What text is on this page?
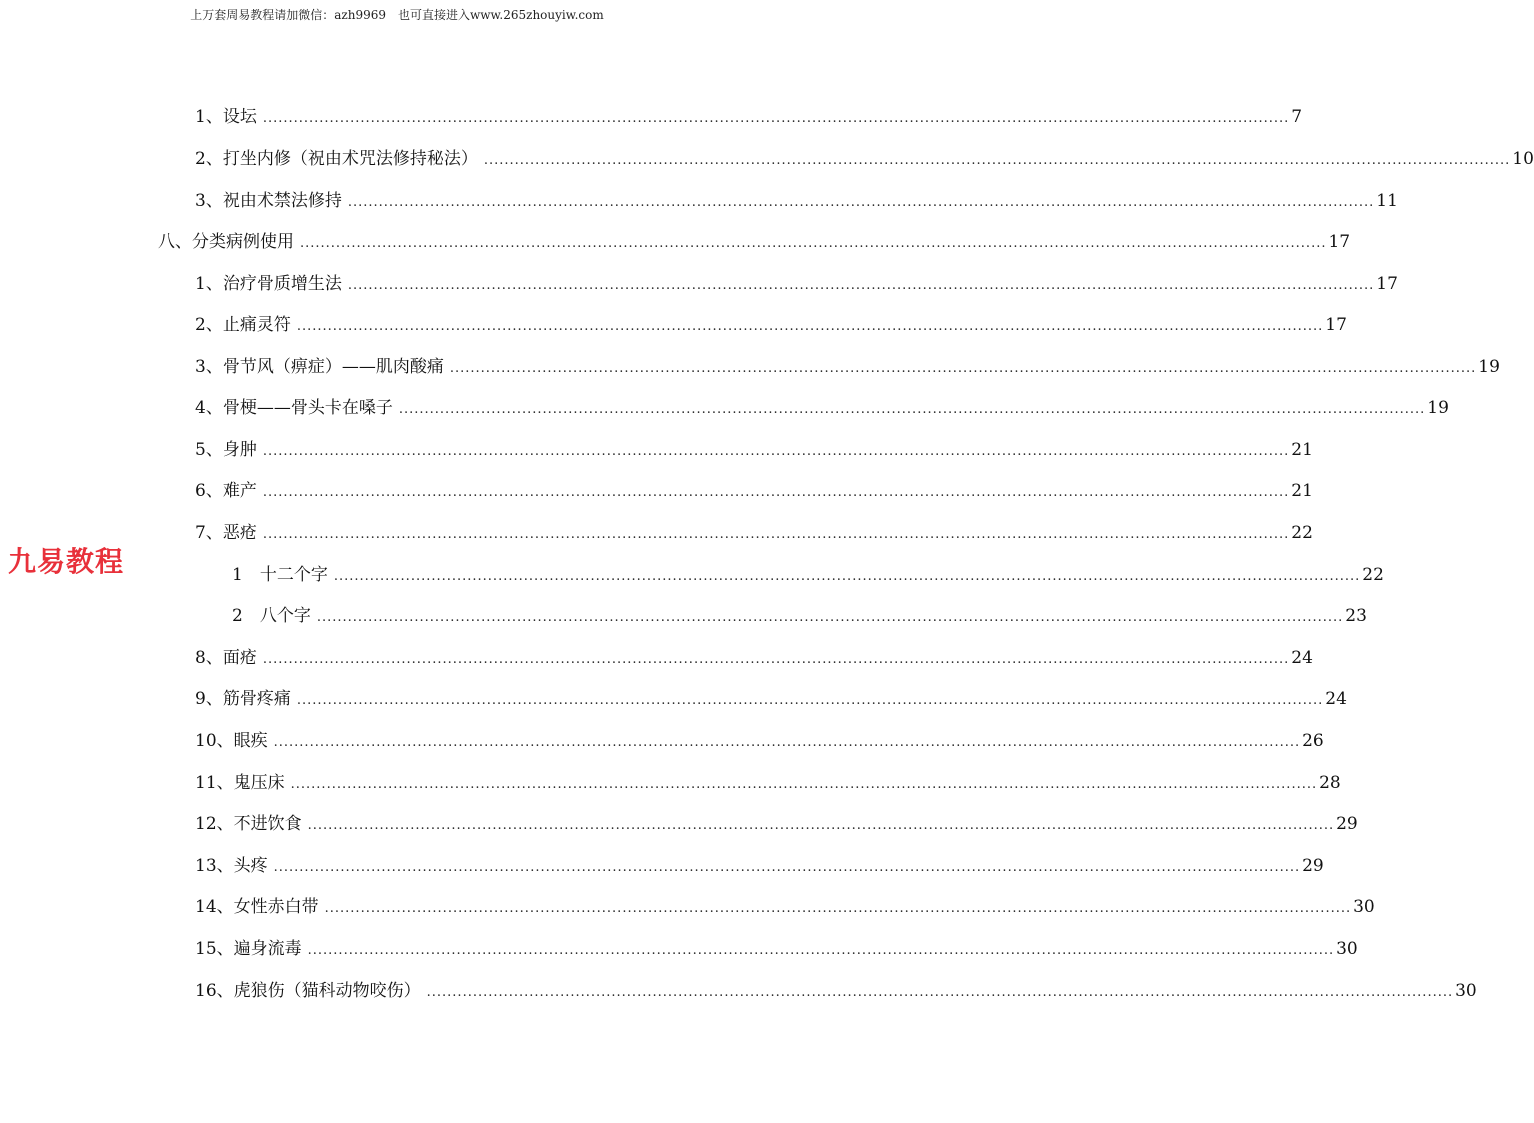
上万套周易教程请加微信：azh9969　也可直接进入www.265zhouyiw.com
九易教程
1、设坛 ........................................................................................................................................................................................................ 7
2、打坐内修（祝由术咒法修持秘法） ........................................................................................................................................................................................................ 10
3、祝由术禁法修持 ........................................................................................................................................................................................................ 11
八、分类病例使用 ........................................................................................................................................................................................................ 17
1、治疗骨质增生法 ........................................................................................................................................................................................................ 17
2、止痛灵符 ........................................................................................................................................................................................................ 17
3、骨节风（痹症）——肌肉酸痛 ........................................................................................................................................................................................................ 19
4、骨梗——骨头卡在嗓子 ........................................................................................................................................................................................................ 19
5、身肿 ........................................................................................................................................................................................................ 21
6、难产 ........................................................................................................................................................................................................ 21
7、恶疮 ........................................................................................................................................................................................................ 22
1　十二个字 ........................................................................................................................................................................................................ 22
2　八个字 ........................................................................................................................................................................................................ 23
8、面疮 ........................................................................................................................................................................................................ 24
9、筋骨疼痛 ........................................................................................................................................................................................................ 24
10、眼疾 ........................................................................................................................................................................................................ 26
11、鬼压床 ........................................................................................................................................................................................................ 28
12、不进饮食 ........................................................................................................................................................................................................ 29
13、头疼 ........................................................................................................................................................................................................ 29
14、女性赤白带 ........................................................................................................................................................................................................ 30
15、遍身流毒 ........................................................................................................................................................................................................ 30
16、虎狼伤（猫科动物咬伤） ........................................................................................................................................................................................................ 30
